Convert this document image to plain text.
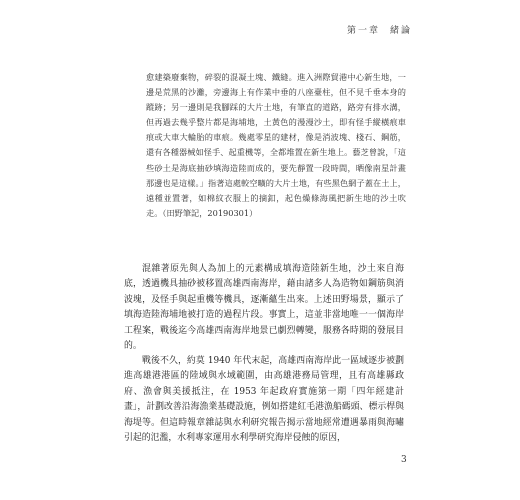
第一章 緒論
愈建築廢棄物，碎裂的混凝土塊、鐵縫。進入洲際貿港中心新生地，一邊是荒黑的沙灘，旁邊海上有作業中垂的八座臺柱，但不見千垂本身的蹤跡；另一邊則是我腳踩的大片土地，有筆直的道路，路旁有排水溝，但再過去幾乎整片都是海埔地，土黃色的漫漫沙土，即有怪手縱橫痕車痕或大車大輪胎的車痕。幾處零星的建材，像是消波塊、棧石、鋼筋，還有各種器械如怪手、起重機等，全都堆置在新生地上。藝芝曾說，「這些砂土是海底抽砂填海造陸而成的，要先靜置一段時間，晒像南星計畫那邊也是這樣。」指著這處較空曠的大片土地，有些黑色網子蓋在土上，遠種並置著，如棉紋衣服上的摘釦，起色燥條海風把新生地的沙土吹走。（田野筆記，20190301）

混雜著原先與人為加上的元素構成填海造陸新生地，沙土來自海底，透過機具抽砂被移置高雄西南海岸，藉由諸多人為造物如鋼筋與消波塊，及怪手與起重機等機具，逐漸蘊生出來。上述田野場景，顯示了填海造陸海埔地被打造的過程片段。事實上，這並非當地唯一一個海岸工程案，戰後迄今高雄西南海岸地景已劇烈轉變，服務各時期的發展目的。

戰後不久，約莫 1940 年代末起，高雄西南海岸此一區域逐步被劃進高雄港港區的陸域與水域範圍，由高雄港務局管理，且有高雄縣政府、漁會與美援抵注，在 1953 年起政府實施第一期「四年經建計畫」，計劃改善沿海漁業基礎設施，例如搭建紅毛港漁船碼頭、標示桿與海堤等。但這時報章雜誌與水利研究報告揭示當地經常遭遇暴雨與海嘯引起的氾濫，水利專家運用水利學研究海岸侵蝕的原因，

3
